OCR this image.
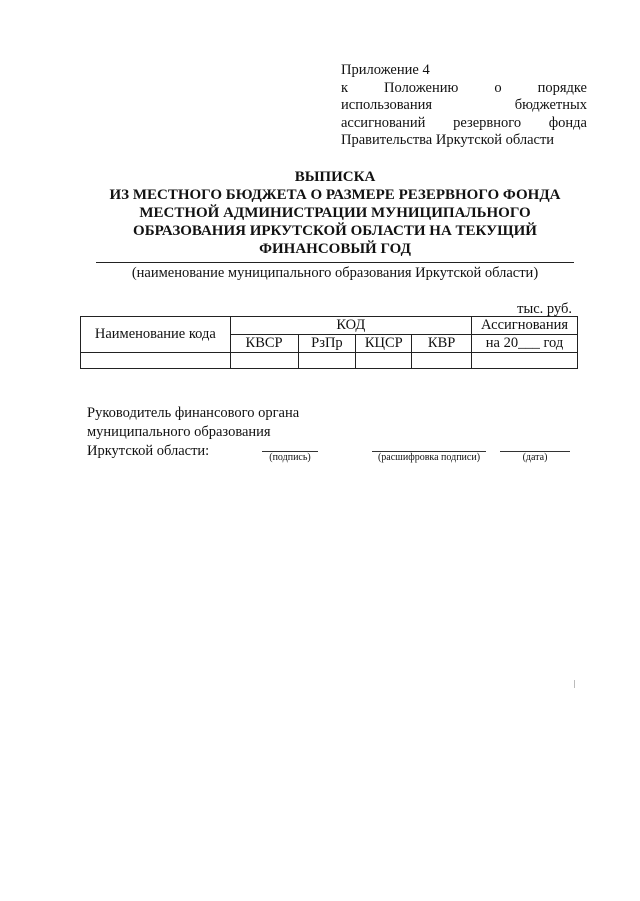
Приложение 4
к Положению о порядке
использования бюджетных
ассигнований резервного фонда
Правительства Иркутской области
ВЫПИСКА
ИЗ МЕСТНОГО БЮДЖЕТА О РАЗМЕРЕ РЕЗЕРВНОГО ФОНДА
МЕСТНОЙ АДМИНИСТРАЦИИ МУНИЦИПАЛЬНОГО
ОБРАЗОВАНИЯ ИРКУТСКОЙ ОБЛАСТИ НА ТЕКУЩИЙ
ФИНАНСОВЫЙ ГОД
(наименование муниципального образования Иркутской области)
тыс. руб.
Наименование кода	КОД				Ассигнования
	КВСР	РзПр	КЦСР	КВР	на 20___ год

Руководитель финансового органа
муниципального образования
Иркутской области:	(подпись)	(расшифровка подписи)	(дата)
